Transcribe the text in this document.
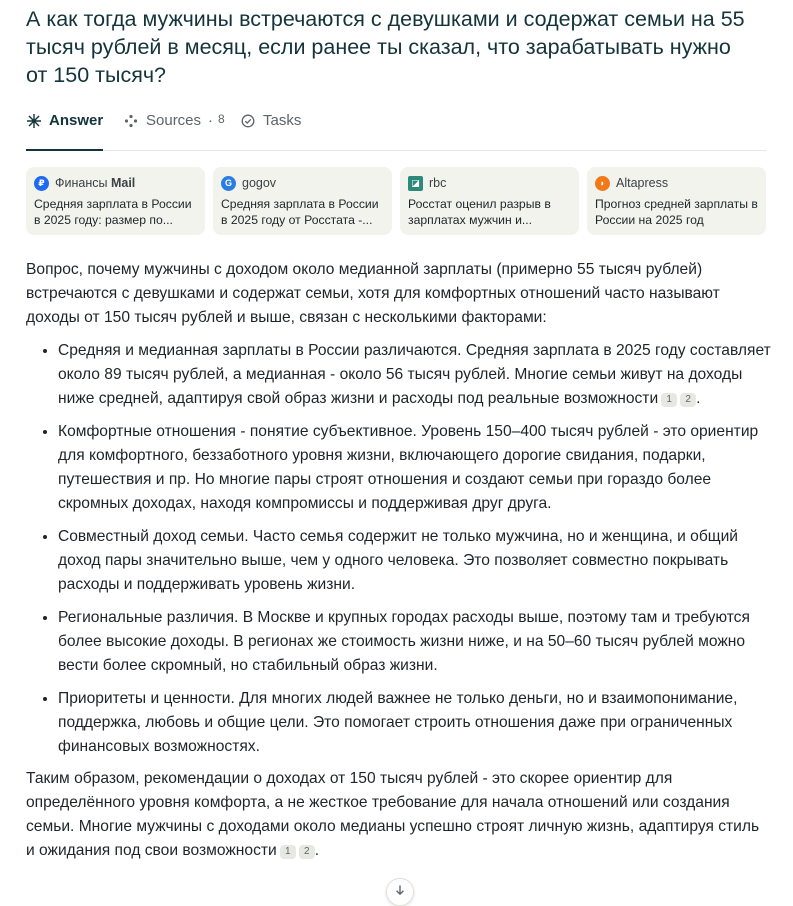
А как тогда мужчины встречаются с девушками и содержат семьи на 55 тысяч рублей в месяц, если ранее ты сказал, что зарабатывать нужно от 150 тысяч?
Answer	Sources · 8	Tasks
₽ Финансы Mail
Средняя зарплата в России в 2025 году: размер по...
G gogov
Средняя зарплата в России в 2025 году от Росстата -...
◪ rbc
Росстат оценил разрыв в зарплатах мужчин и...
◗ Altapress
Прогноз средней зарплаты в России на 2025 год

Вопрос, почему мужчины с доходом около медианной зарплаты (примерно 55 тысяч рублей) встречаются с девушками и содержат семьи, хотя для комфортных отношений часто называют доходы от 150 тысяч рублей и выше, связан с несколькими факторами:

• Средняя и медианная зарплаты в России различаются. Средняя зарплата в 2025 году составляет около 89 тысяч рублей, а медианная - около 56 тысяч рублей. Многие семьи живут на доходы ниже средней, адаптируя свой образ жизни и расходы под реальные возможности 1 2 .
• Комфортные отношения - понятие субъективное. Уровень 150–400 тысяч рублей - это ориентир для комфортного, беззаботного уровня жизни, включающего дорогие свидания, подарки, путешествия и пр. Но многие пары строят отношения и создают семьи при гораздо более скромных доходах, находя компромиссы и поддерживая друг друга.
• Совместный доход семьи. Часто семья содержит не только мужчина, но и женщина, и общий доход пары значительно выше, чем у одного человека. Это позволяет совместно покрывать расходы и поддерживать уровень жизни.
• Региональные различия. В Москве и крупных городах расходы выше, поэтому там и требуются более высокие доходы. В регионах же стоимость жизни ниже, и на 50–60 тысяч рублей можно вести более скромный, но стабильный образ жизни.
• Приоритеты и ценности. Для многих людей важнее не только деньги, но и взаимопонимание, поддержка, любовь и общие цели. Это помогает строить отношения даже при ограниченных финансовых возможностях.

Таким образом, рекомендации о доходах от 150 тысяч рублей - это скорее ориентир для определённого уровня комфорта, а не жесткое требование для начала отношений или создания семьи. Многие мужчины с доходами около медианы успешно строят личную жизнь, адаптируя стиль и ожидания под свои возможности 1 2 .
